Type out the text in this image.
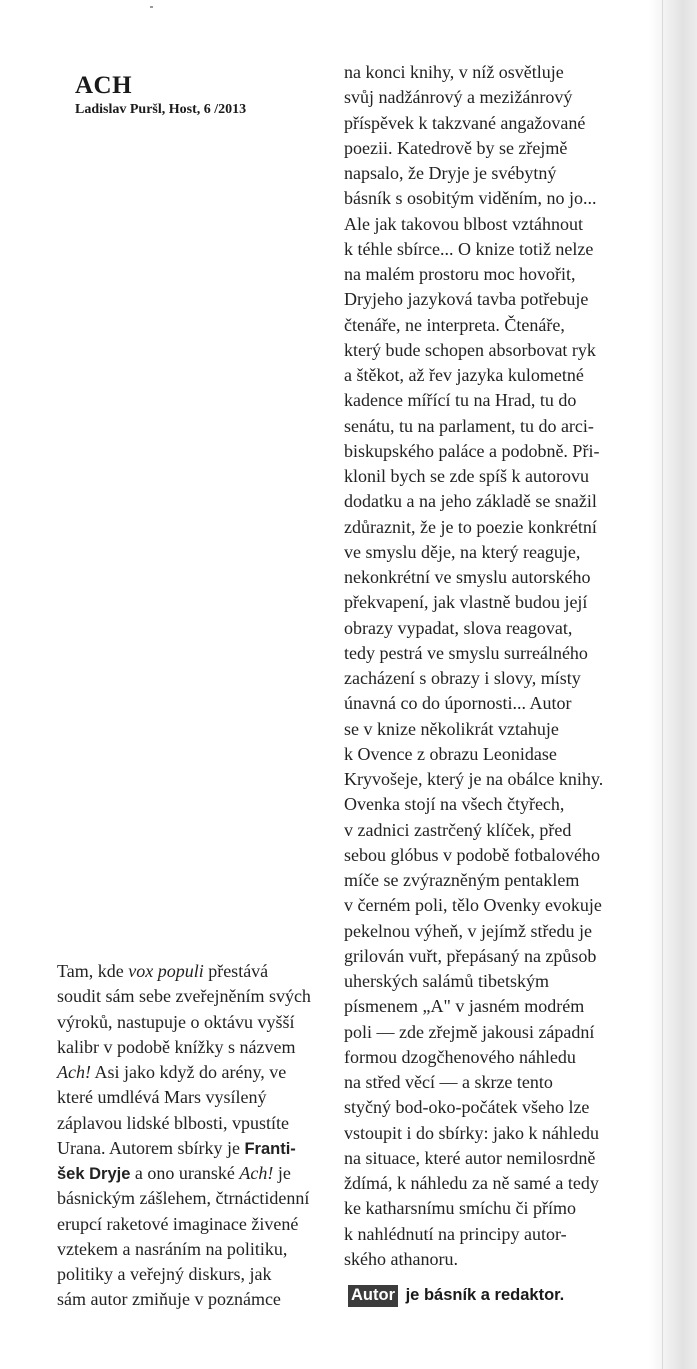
ACH
Ladislav Puršl, Host, 6 /2013
Tam, kde vox populi přestává
soudit sám sebe zveřejněním svých
výroků, nastupuje o oktávu vyšší
kalibr v podobě knížky s názvem
Ach! Asi jako když do arény, ve
které umdlévá Mars vysílený
záplavou lidské blbosti, vpustíte
Urana. Autorem sbírky je Franti-
šek Dryje a ono uranské Ach! je
básnickým zášlehem, čtrnáctidenní
erupcí raketové imaginace živené
vztekem a nasráním na politiku,
politiky a veřejný diskurs, jak
sám autor zmiňuje v poznámce
na konci knihy, v níž osvětluje
svůj nadžánrový a mezižánrový
příspěvek k takzvané angažované
poezii. Katedrově by se zřejmě
napsalo, že Dryje je svébytný
básník s osobitým viděním, no jo...
Ale jak takovou blbost vztáhnout
k téhle sbírce... O knize totiž nelze
na malém prostoru moc hovořit,
Dryjeho jazyková tavba potřebuje
čtenáře, ne interpreta. Čtenáře,
který bude schopen absorbovat ryk
a štěkot, až řev jazyka kulometné
kadence mířící tu na Hrad, tu do
senátu, tu na parlament, tu do arci-
biskupského paláce a podobně. Při-
klonil bych se zde spíš k autorovu
dodatku a na jeho základě se snažil
zdůraznit, že je to poezie konkrétní
ve smyslu děje, na který reaguje,
nekonkrétní ve smyslu autorského
překvapení, jak vlastně budou její
obrazy vypadat, slova reagovat,
tedy pestrá ve smyslu surreálného
zacházení s obrazy i slovy, místy
únavná co do úpornosti... Autor
se v knize několikrát vztahuje
k Ovence z obrazu Leonidase
Kryvošeje, který je na obálce knihy.
Ovenka stojí na všech čtyřech,
v zadnici zastrčený klíček, před
sebou glóbus v podobě fotbalového
míče se zvýrazněným pentaklem
v černém poli, tělo Ovenky evokuje
pekelnou výheň, v jejímž středu je
grilován vuřt, přepásaný na způsob
uherských salámů tibetským
písmenem „A" v jasném modrém
poli — zde zřejmě jakousi západní
formou dzogčhenového náhledu
na střed věcí — a skrze tento
styčný bod-oko-počátek všeho lze
vstoupit i do sbírky: jako k náhledu
na situace, které autor nemilosrdně
ždímá, k náhledu za ně samé a tedy
ke katharsnímu smíchu či přímo
k nahlédnutí na principy autor-
ského athanoru.
Autor je básník a redaktor.
